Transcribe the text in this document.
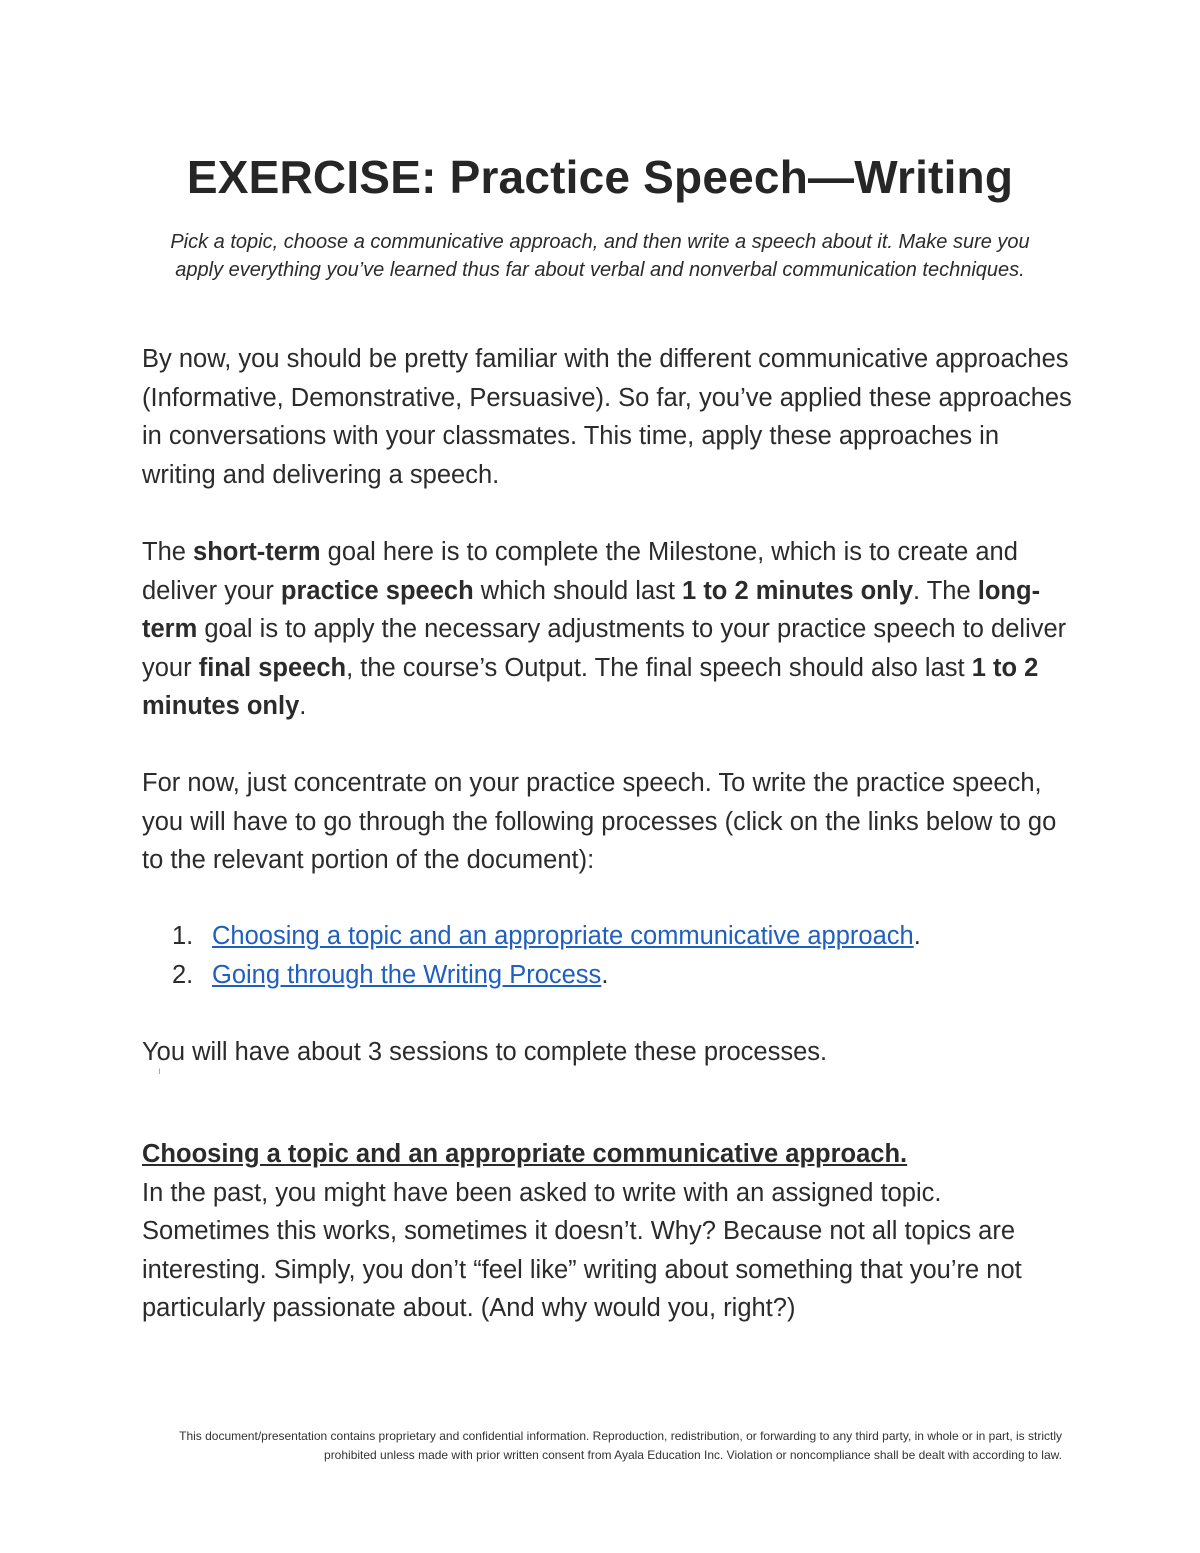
EXERCISE: Practice Speech—Writing

Pick a topic, choose a communicative approach, and then write a speech about it. Make sure you apply everything you’ve learned thus far about verbal and nonverbal communication techniques.

By now, you should be pretty familiar with the different communicative approaches (Informative, Demonstrative, Persuasive). So far, you’ve applied these approaches in conversations with your classmates. This time, apply these approaches in writing and delivering a speech.

The short-term goal here is to complete the Milestone, which is to create and deliver your practice speech which should last 1 to 2 minutes only. The long-term goal is to apply the necessary adjustments to your practice speech to deliver your final speech, the course’s Output. The final speech should also last 1 to 2 minutes only.

For now, just concentrate on your practice speech. To write the practice speech, you will have to go through the following processes (click on the links below to go to the relevant portion of the document):

1. Choosing a topic and an appropriate communicative approach.
2. Going through the Writing Process.

You will have about 3 sessions to complete these processes.

ı

Choosing a topic and an appropriate communicative approach.
In the past, you might have been asked to write with an assigned topic. Sometimes this works, sometimes it doesn’t. Why? Because not all topics are interesting. Simply, you don’t “feel like” writing about something that you’re not particularly passionate about. (And why would you, right?)

This document/presentation contains proprietary and confidential information. Reproduction, redistribution, or forwarding to any third party, in whole or in part, is strictly prohibited unless made with prior written consent from Ayala Education Inc. Violation or noncompliance shall be dealt with according to law.
